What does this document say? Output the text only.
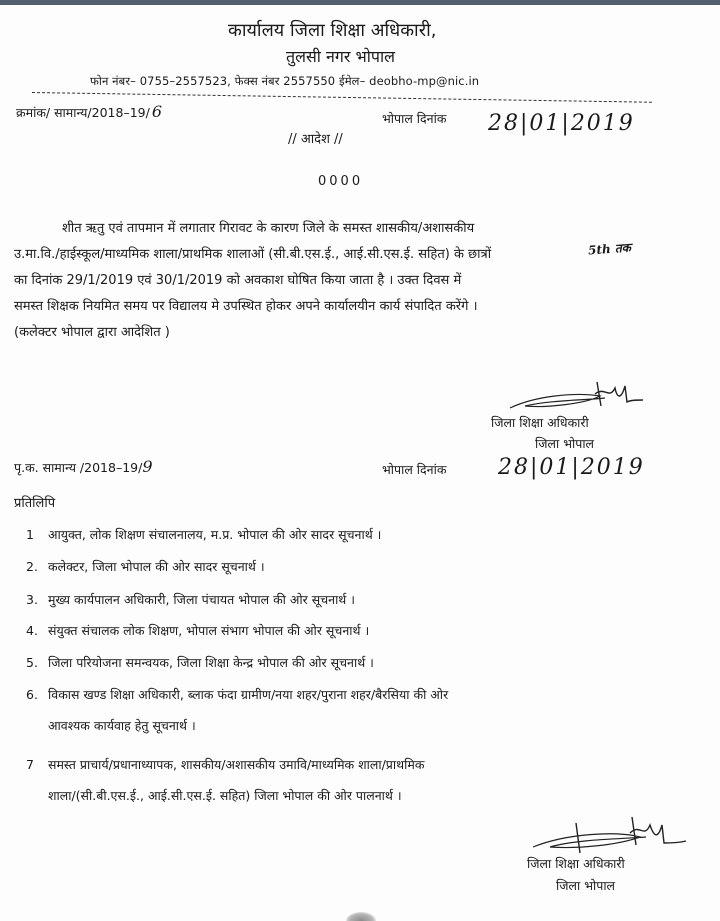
कार्यालय जिला शिक्षा अधिकारी,
तुलसी नगर भोपाल
फोन नंबर– 0755–2557523, फेक्स नंबर 2557550 ईमेल– deobho-mp@nic.in
क्रमांक/ सामान्य/2018–19/ 6	भोपाल दिनांक 28|01|2019
// आदेश //
0000
शीत ऋतु एवं तापमान में लगातार गिरावट के कारण जिले के समस्त शासकीय/अशासकीय
उ.मा.वि./हाईस्कूल/माध्यमिक शाला/प्राथमिक शालाओं (सी.बी.एस.ई., आई.सी.एस.ई. सहित) के छात्रों
का दिनांक 29/1/2019 एवं 30/1/2019 को अवकाश घोषित किया जाता है । उक्त दिवस में
समस्त शिक्षक नियमित समय पर विद्यालय मे उपस्थित होकर अपने कार्यालयीन कार्य संपादित करेंगे ।
(कलेक्टर भोपाल द्वारा आदेशित )
5th तक
जिला शिक्षा अधिकारी
जिला भोपाल
पृ.क. सामान्य /2018–19/9	भोपाल दिनांक 28|01|2019
प्रतिलिपि
1 आयुक्त, लोक शिक्षण संचालनालय, म.प्र. भोपाल की ओर सादर सूचनार्थ ।
2. कलेक्टर, जिला भोपाल की ओर सादर सूचनार्थ ।
3. मुख्य कार्यपालन अधिकारी, जिला पंचायत भोपाल की ओर सूचनार्थ ।
4. संयुक्त संचालक लोक शिक्षण, भोपाल संभाग भोपाल की ओर सूचनार्थ ।
5. जिला परियोजना समन्वयक, जिला शिक्षा केन्द्र भोपाल की ओर सूचनार्थ ।
6. विकास खण्ड शिक्षा अधिकारी, ब्लाक फंदा ग्रामीण/नया शहर/पुराना शहर/बैरसिया की ओर
आवश्यक कार्यवाह हेतु सूचनार्थ ।
7 समस्त प्राचार्य/प्रधानाध्यापक, शासकीय/अशासकीय उमावि/माध्यमिक शाला/प्राथमिक
शाला/(सी.बी.एस.ई., आई.सी.एस.ई. सहित) जिला भोपाल की ओर पालनार्थ ।
जिला शिक्षा अधिकारी
जिला भोपाल
